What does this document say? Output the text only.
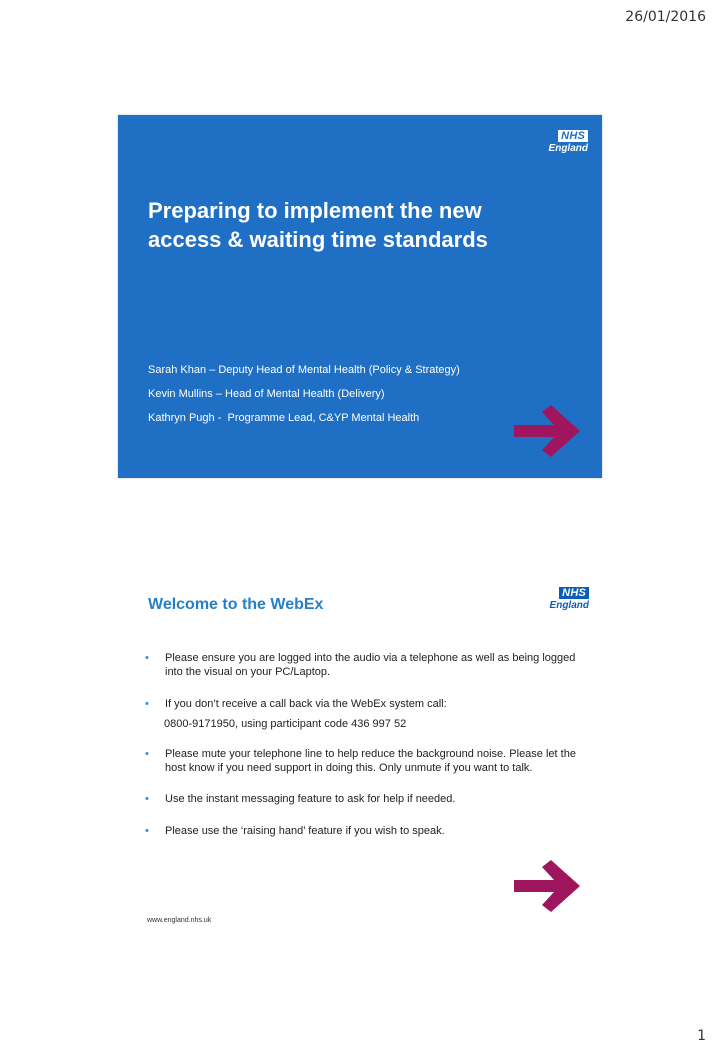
26/01/2016
NHS
England
Preparing to implement the new
access & waiting time standards
Sarah Khan – Deputy Head of Mental Health (Policy & Strategy)
Kevin Mullins – Head of Mental Health (Delivery)
Kathryn Pugh -  Programme Lead, C&YP Mental Health
Welcome to the WebEx
NHS
England
• Please ensure you are logged into the audio via a telephone as well as being logged into the visual on your PC/Laptop.
• If you don’t receive a call back via the WebEx system call:
0800-9171950, using participant code 436 997 52
• Please mute your telephone line to help reduce the background noise. Please let the host know if you need support in doing this. Only unmute if you want to talk.
• Use the instant messaging feature to ask for help if needed.
• Please use the ‘raising hand’ feature if you wish to speak.
www.england.nhs.uk
1
